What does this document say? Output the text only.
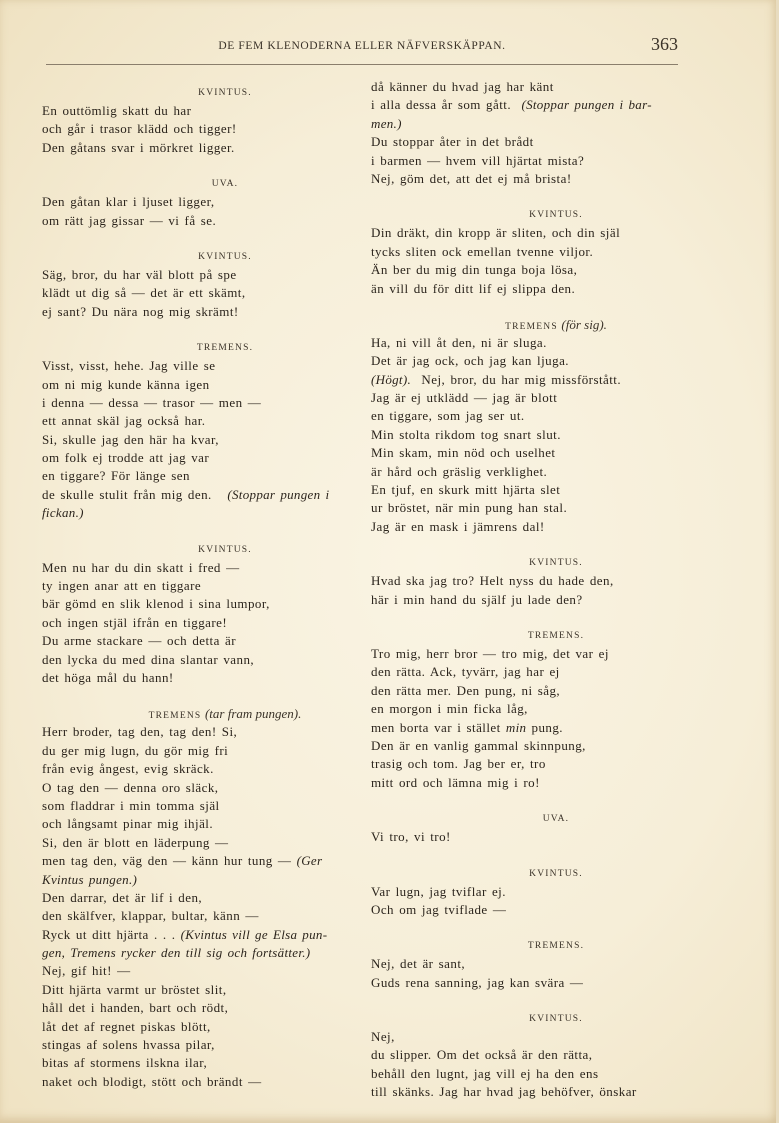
DE FEM KLENODERNA ELLER NÄFVERSKÄPPAN.	363
KVINTUS.
En outtömlig skatt du har
och går i trasor klädd och tigger!
Den gåtans svar i mörkret ligger.
UVA.
Den gåtan klar i ljuset ligger,
om rätt jag gissar — vi få se.
KVINTUS.
Säg, bror, du har väl blott på spe
klädt ut dig så — det är ett skämt,
ej sant? Du nära nog mig skrämt!
TREMENS.
Visst, visst, hehe. Jag ville se
om ni mig kunde känna igen
i denna — dessa — trasor — men —
ett annat skäl jag också har.
Si, skulle jag den här ha kvar,
om folk ej trodde att jag var
en tiggare? För länge sen
de skulle stulit från mig den. (Stoppar pungen i
fickan.)
KVINTUS.
Men nu har du din skatt i fred —
ty ingen anar att en tiggare
bär gömd en slik klenod i sina lumpor,
och ingen stjäl ifrån en tiggare!
Du arme stackare — och detta är
den lycka du med dina slantar vann,
det höga mål du hann!
TREMENS (tar fram pungen).
Herr broder, tag den, tag den! Si,
du ger mig lugn, du gör mig fri
från evig ångest, evig skräck.
O tag den — denna oro släck,
som fladdrar i min tomma själ
och långsamt pinar mig ihjäl.
Si, den är blott en läderpung —
men tag den, väg den — känn hur tung — (Ger
Kvintus pungen.)
Den darrar, det är lif i den,
den skälfver, klappar, bultar, känn —
Ryck ut ditt hjärta . . . (Kvintus vill ge Elsa pun-
gen, Tremens rycker den till sig och fortsätter.)
Nej, gif hit! —
Ditt hjärta varmt ur bröstet slit,
håll det i handen, bart och rödt,
låt det af regnet piskas blött,
stingas af solens hvassa pilar,
bitas af stormens ilskna ilar,
naket och blodigt, stött och brändt —
då känner du hvad jag har känt
i alla dessa år som gått. (Stoppar pungen i bar-
men.)
Du stoppar åter in det brådt
i barmen — hvem vill hjärtat mista?
Nej, göm det, att det ej må brista!
KVINTUS.
Din dräkt, din kropp är sliten, och din själ
tycks sliten ock emellan tvenne viljor.
Än ber du mig din tunga boja lösa,
än vill du för ditt lif ej slippa den.
TREMENS (för sig).
Ha, ni vill åt den, ni är sluga.
Det är jag ock, och jag kan ljuga.
(Högt). Nej, bror, du har mig missförstått.
Jag är ej utklädd — jag är blott
en tiggare, som jag ser ut.
Min stolta rikdom tog snart slut.
Min skam, min nöd och uselhet
är hård och gräslig verklighet.
En tjuf, en skurk mitt hjärta slet
ur bröstet, när min pung han stal.
Jag är en mask i jämrens dal!
KVINTUS.
Hvad ska jag tro? Helt nyss du hade den,
här i min hand du själf ju lade den?
TREMENS.
Tro mig, herr bror — tro mig, det var ej
den rätta. Ack, tyvärr, jag har ej
den rätta mer. Den pung, ni såg,
en morgon i min ficka låg,
men borta var i stället min pung.
Den är en vanlig gammal skinnpung,
trasig och tom. Jag ber er, tro
mitt ord och lämna mig i ro!
UVA.
Vi tro, vi tro!
KVINTUS.
Var lugn, jag tviflar ej.
Och om jag tviflade —
TREMENS.
Nej, det är sant,
Guds rena sanning, jag kan svära —
KVINTUS.
Nej,
du slipper. Om det också är den rätta,
behåll den lugnt, jag vill ej ha den ens
till skänks. Jag har hvad jag behöfver, önskar
